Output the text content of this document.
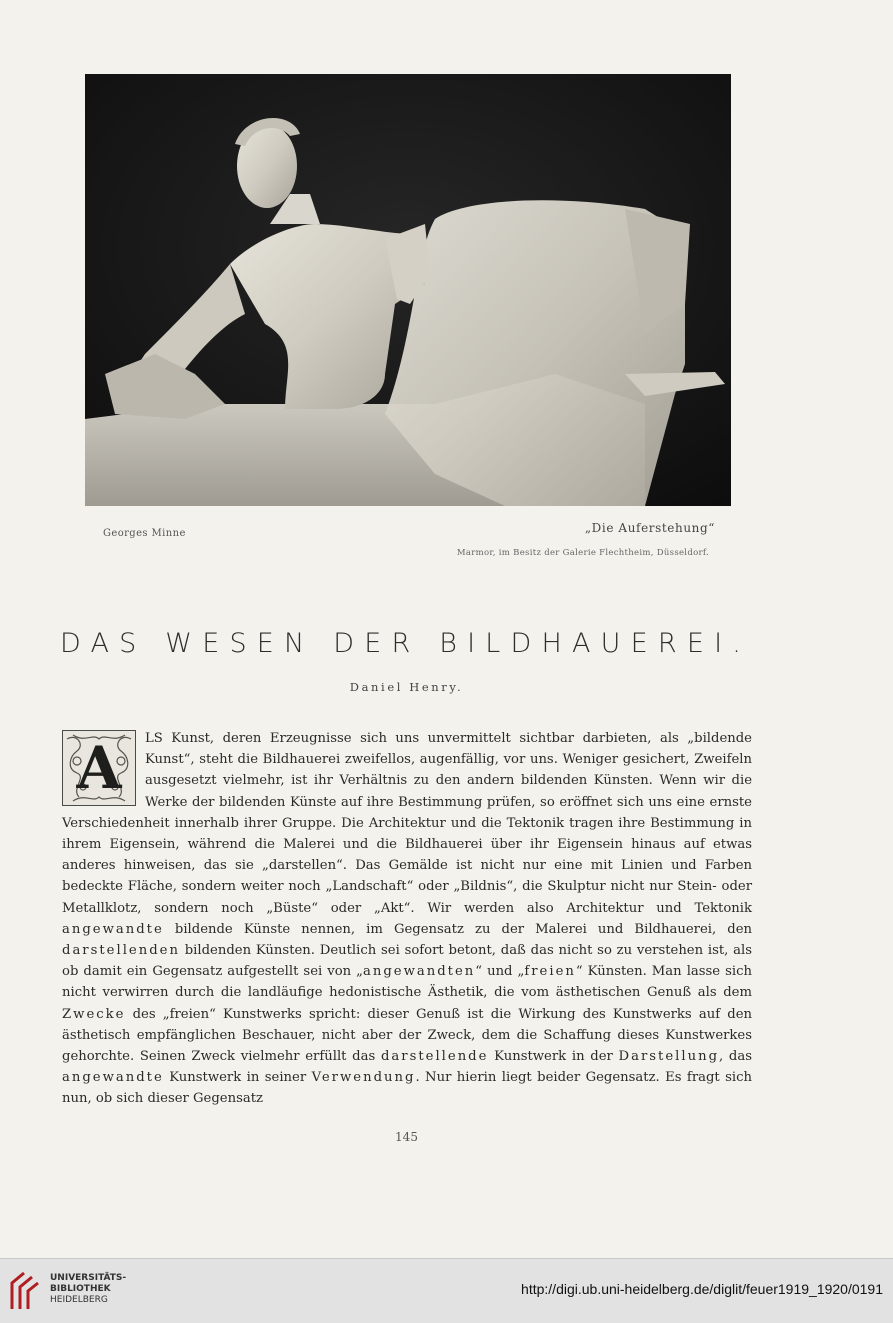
Georges Minne	„Die Auferstehung“
Marmor, im Besitz der Galerie Flechtheim, Düsseldorf.
DAS WESEN DER BILDHAUEREI.
Daniel Henry.
A	LS Kunst, deren Erzeugnisse sich uns unvermittelt sichtbar darbieten, als „bildende Kunst“, steht die Bildhauerei zweifellos, augenfällig, vor uns. Weniger gesichert, Zweifeln ausgesetzt vielmehr, ist ihr Verhältnis zu den andern bildenden Künsten. Wenn wir die Werke der bildenden Künste auf ihre Bestimmung prüfen, so eröffnet sich uns eine ernste Verschiedenheit innerhalb ihrer Gruppe. Die Architektur und die Tektonik tragen ihre Bestimmung in ihrem Eigensein, während die Malerei und die Bildhauerei über ihr Eigensein hinaus auf etwas anderes hinweisen, das sie „darstellen“. Das Gemälde ist nicht nur eine mit Linien und Farben bedeckte Fläche, sondern weiter noch „Landschaft“ oder „Bildnis“, die Skulptur nicht nur Stein- oder Metallklotz, sondern noch „Büste“ oder „Akt“. Wir werden also Architektur und Tektonik angewandte bildende Künste nennen, im Gegensatz zu der Malerei und Bildhauerei, den darstellenden bildenden Künsten. Deutlich sei sofort betont, daß das nicht so zu verstehen ist, als ob damit ein Gegensatz aufgestellt sei von „angewandten“ und „freien“ Künsten. Man lasse sich nicht verwirren durch die landläufige hedonistische Ästhetik, die vom ästhetischen Genuß als dem Zwecke des „freien“ Kunstwerks spricht: dieser Genuß ist die Wirkung des Kunstwerks auf den ästhetisch empfänglichen Beschauer, nicht aber der Zweck, dem die Schaffung dieses Kunstwerkes gehorchte. Seinen Zweck vielmehr erfüllt das darstellende Kunstwerk in der Darstellung, das angewandte Kunstwerk in seiner Verwendung. Nur hierin liegt beider Gegensatz. Es fragt sich nun, ob sich dieser Gegensatz

145
UNIVERSITÄTS-
BIBLIOTHEK
HEIDELBERG
http://digi.ub.uni-heidelberg.de/diglit/feuer1919_1920/0191
